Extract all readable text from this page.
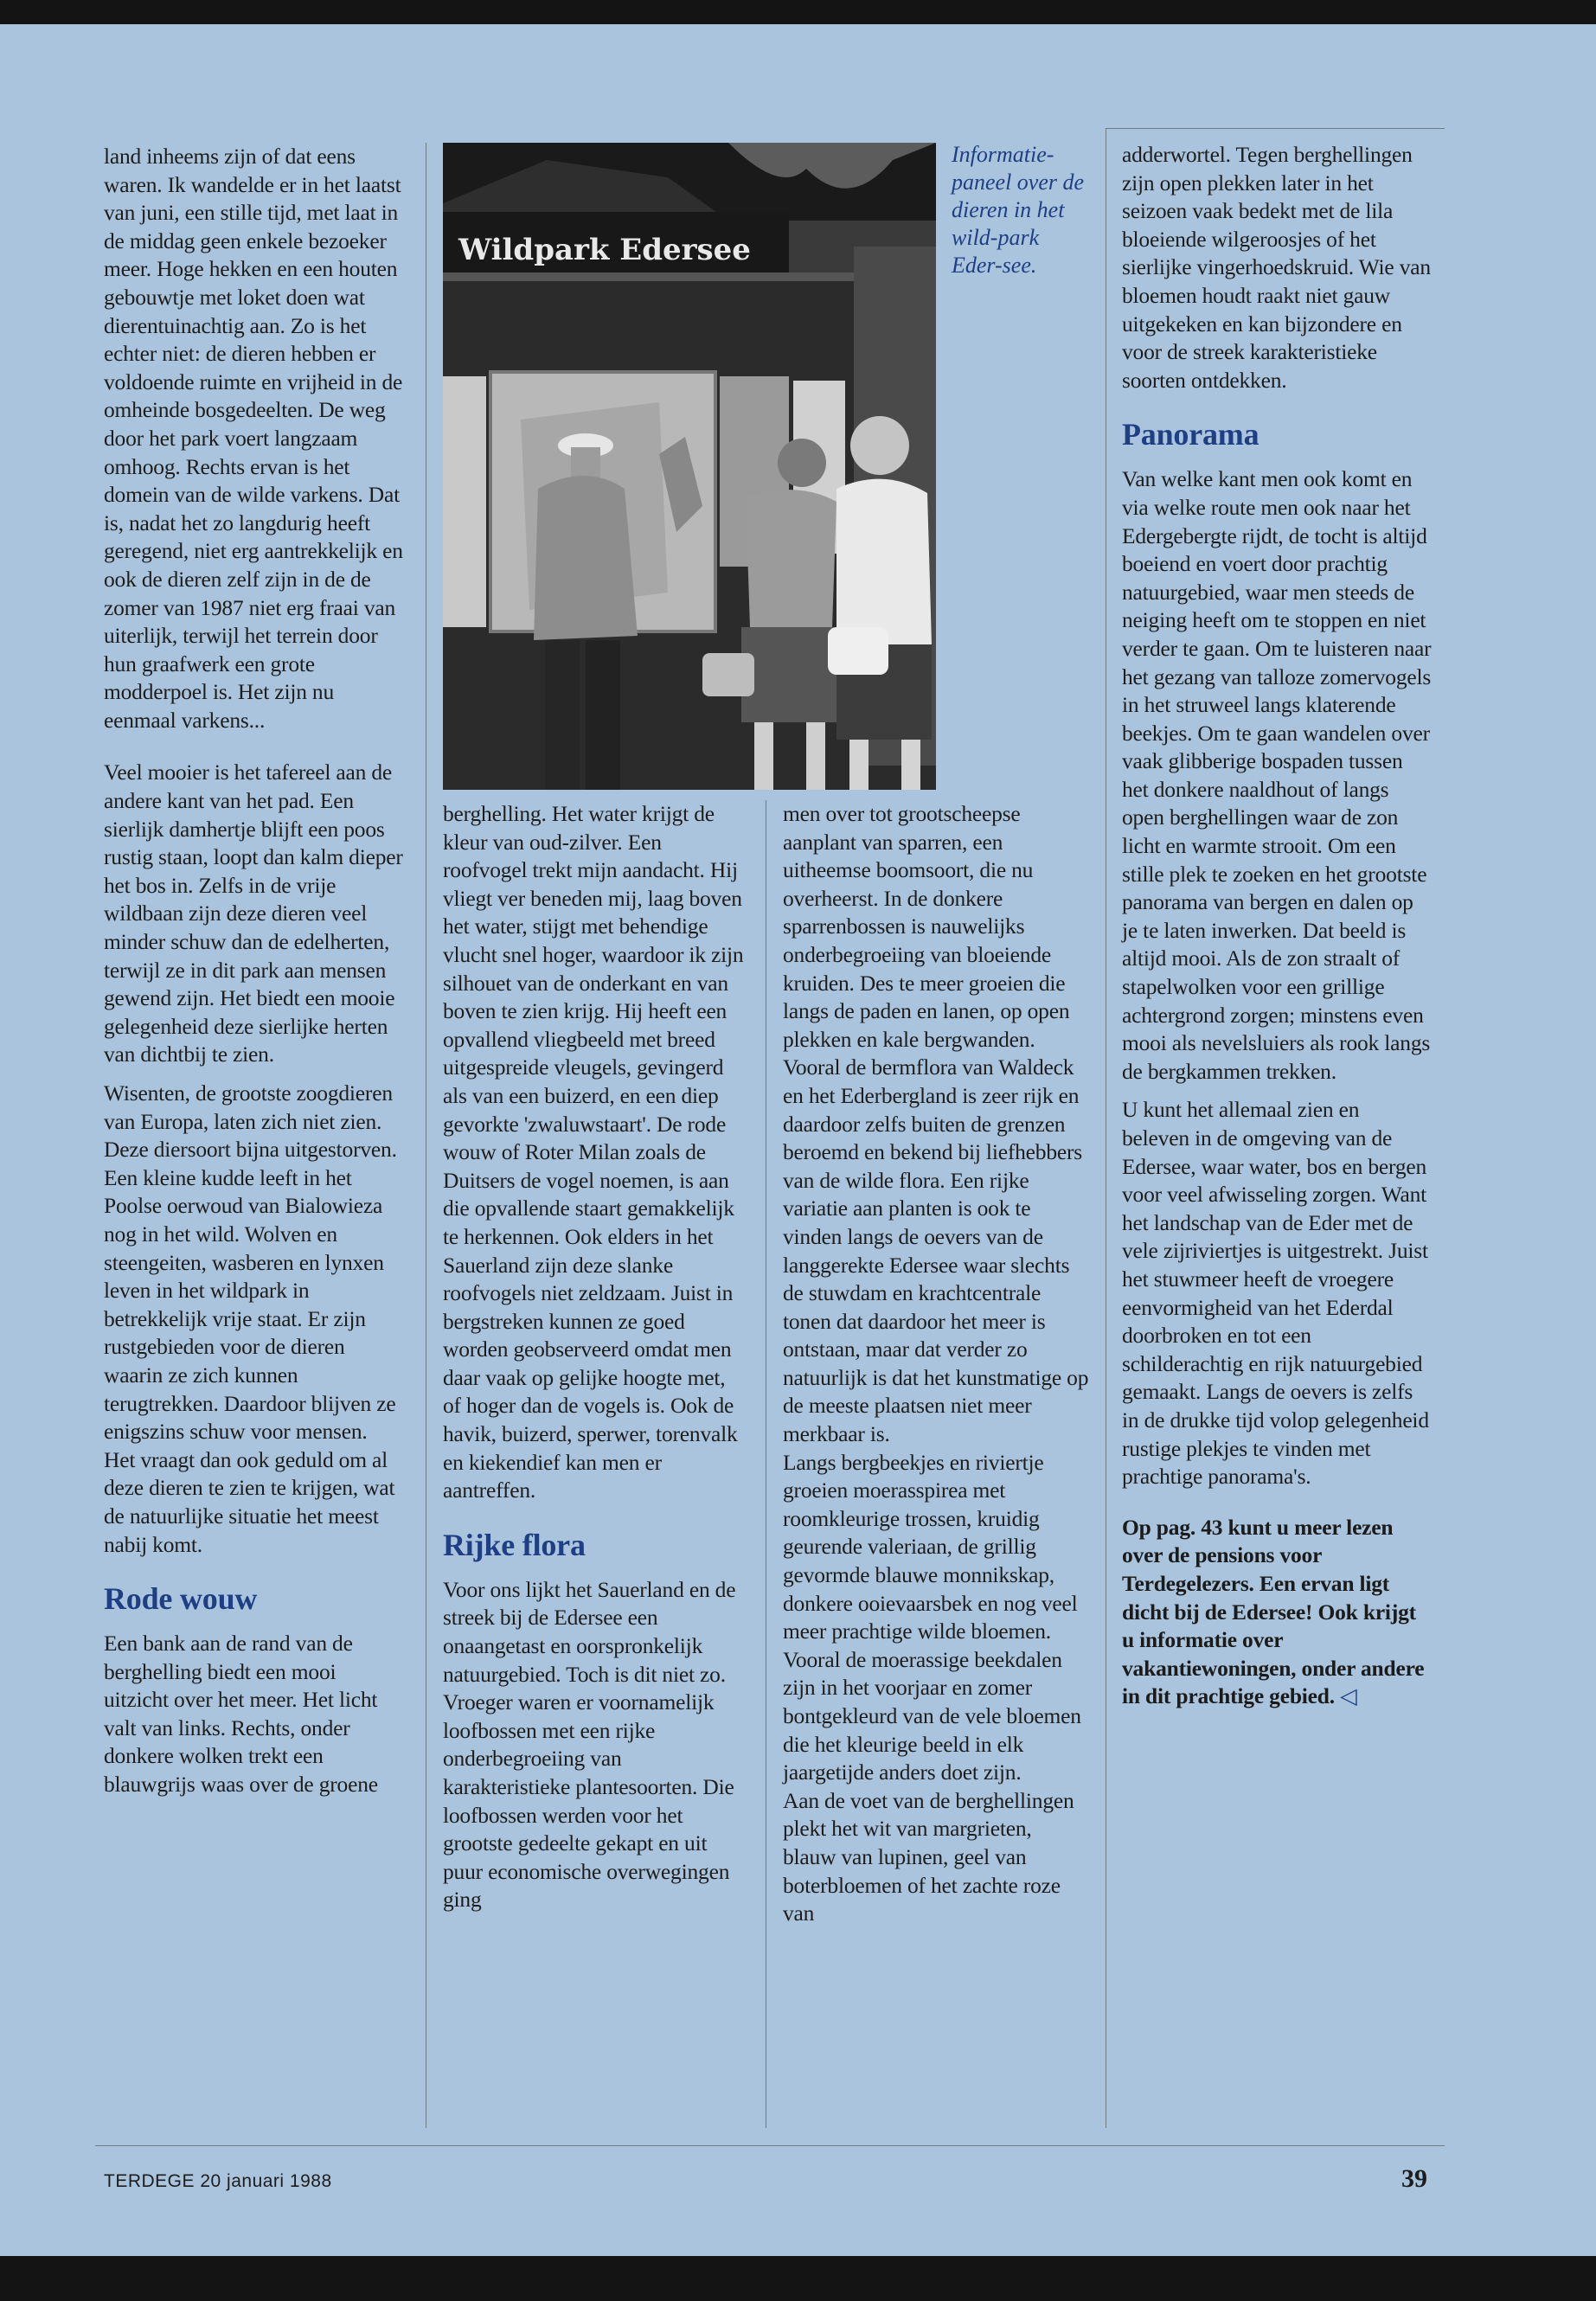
Wildpark Edersee
Informatie-paneel over de dieren in het wild-park Eder-see.

land inheems zijn of dat eens waren. Ik wandelde er in het laatst van juni, een stille tijd, met laat in de middag geen enkele bezoeker meer. Hoge hekken en een houten gebouwtje met loket doen wat dierentuinachtig aan. Zo is het echter niet: de dieren hebben er voldoende ruimte en vrijheid in de omheinde bosgedeelten. De weg door het park voert langzaam omhoog. Rechts ervan is het domein van de wilde varkens. Dat is, nadat het zo langdurig heeft geregend, niet erg aantrekkelijk en ook de dieren zelf zijn in de de zomer van 1987 niet erg fraai van uiterlijk, terwijl het terrein door hun graafwerk een grote modderpoel is. Het zijn nu eenmaal varkens...

Veel mooier is het tafereel aan de andere kant van het pad. Een sierlijk damhertje blijft een poos rustig staan, loopt dan kalm dieper het bos in. Zelfs in de vrije wildbaan zijn deze dieren veel minder schuw dan de edelherten, terwijl ze in dit park aan mensen gewend zijn. Het biedt een mooie gelegenheid deze sierlijke herten van dichtbij te zien.

Wisenten, de grootste zoogdieren van Europa, laten zich niet zien. Deze diersoort bijna uitgestorven. Een kleine kudde leeft in het Poolse oerwoud van Bialowieza nog in het wild. Wolven en steengeiten, wasberen en lynxen leven in het wildpark in betrekkelijk vrije staat. Er zijn rustgebieden voor de dieren waarin ze zich kunnen terugtrekken. Daardoor blijven ze enigszins schuw voor mensen. Het vraagt dan ook geduld om al deze dieren te zien te krijgen, wat de natuurlijke situatie het meest nabij komt.

Rode wouw

Een bank aan de rand van de berghelling biedt een mooi uitzicht over het meer. Het licht valt van links. Rechts, onder donkere wolken trekt een blauwgrijs waas over de groene

berghelling. Het water krijgt de kleur van oud-zilver. Een roofvogel trekt mijn aandacht. Hij vliegt ver beneden mij, laag boven het water, stijgt met behendige vlucht snel hoger, waardoor ik zijn silhouet van de onderkant en van boven te zien krijg. Hij heeft een opvallend vliegbeeld met breed uitgespreide vleugels, gevingerd als van een buizerd, en een diep gevorkte 'zwaluwstaart'. De rode wouw of Roter Milan zoals de Duitsers de vogel noemen, is aan die opvallende staart gemakkelijk te herkennen. Ook elders in het Sauerland zijn deze slanke roofvogels niet zeldzaam. Juist in bergstreken kunnen ze goed worden geobserveerd omdat men daar vaak op gelijke hoogte met, of hoger dan de vogels is. Ook de havik, buizerd, sperwer, torenvalk en kiekendief kan men er aantreffen.

Rijke flora

Voor ons lijkt het Sauerland en de streek bij de Edersee een onaangetast en oorspronkelijk natuurgebied. Toch is dit niet zo. Vroeger waren er voornamelijk loofbossen met een rijke onderbegroeiing van karakteristieke plantesoorten. Die loofbossen werden voor het grootste gedeelte gekapt en uit puur economische overwegingen ging

men over tot grootscheepse aanplant van sparren, een uitheemse boomsoort, die nu overheerst. In de donkere sparrenbossen is nauwelijks onderbegroeiing van bloeiende kruiden. Des te meer groeien die langs de paden en lanen, op open plekken en kale bergwanden. Vooral de bermflora van Waldeck en het Ederbergland is zeer rijk en daardoor zelfs buiten de grenzen beroemd en bekend bij liefhebbers van de wilde flora. Een rijke variatie aan planten is ook te vinden langs de oevers van de langgerekte Edersee waar slechts de stuwdam en krachtcentrale tonen dat daardoor het meer is ontstaan, maar dat verder zo natuurlijk is dat het kunstmatige op de meeste plaatsen niet meer merkbaar is.

Langs bergbeekjes en riviertje groeien moerasspirea met roomkleurige trossen, kruidig geurende valeriaan, de grillig gevormde blauwe monnikskap, donkere ooievaarsbek en nog veel meer prachtige wilde bloemen. Vooral de moerassige beekdalen zijn in het voorjaar en zomer bontgekleurd van de vele bloemen die het kleurige beeld in elk jaargetijde anders doet zijn.

Aan de voet van de berghellingen plekt het wit van margrieten, blauw van lupinen, geel van boterbloemen of het zachte roze van

adderwortel. Tegen berghellingen zijn open plekken later in het seizoen vaak bedekt met de lila bloeiende wilgeroosjes of het sierlijke vingerhoedskruid. Wie van bloemen houdt raakt niet gauw uitgekeken en kan bijzondere en voor de streek karakteristieke soorten ontdekken.

Panorama

Van welke kant men ook komt en via welke route men ook naar het Edergebergte rijdt, de tocht is altijd boeiend en voert door prachtig natuurgebied, waar men steeds de neiging heeft om te stoppen en niet verder te gaan. Om te luisteren naar het gezang van talloze zomervogels in het struweel langs klaterende beekjes. Om te gaan wandelen over vaak glibberige bospaden tussen het donkere naaldhout of langs open berghellingen waar de zon licht en warmte strooit. Om een stille plek te zoeken en het grootste panorama van bergen en dalen op je te laten inwerken. Dat beeld is altijd mooi. Als de zon straalt of stapelwolken voor een grillige achtergrond zorgen; minstens even mooi als nevelsluiers als rook langs de bergkammen trekken.

U kunt het allemaal zien en beleven in de omgeving van de Edersee, waar water, bos en bergen voor veel afwisseling zorgen. Want het landschap van de Eder met de vele zijriviertjes is uitgestrekt. Juist het stuwmeer heeft de vroegere eenvormigheid van het Ederdal doorbroken en tot een schilderachtig en rijk natuurgebied gemaakt. Langs de oevers is zelfs in de drukke tijd volop gelegenheid rustige plekjes te vinden met prachtige panorama's.

Op pag. 43 kunt u meer lezen over de pensions voor Terdegelezers. Een ervan ligt dicht bij de Edersee! Ook krijgt u informatie over vakantiewoningen, onder andere in dit prachtige gebied. ◁

TERDEGE 20 januari 1988	39
